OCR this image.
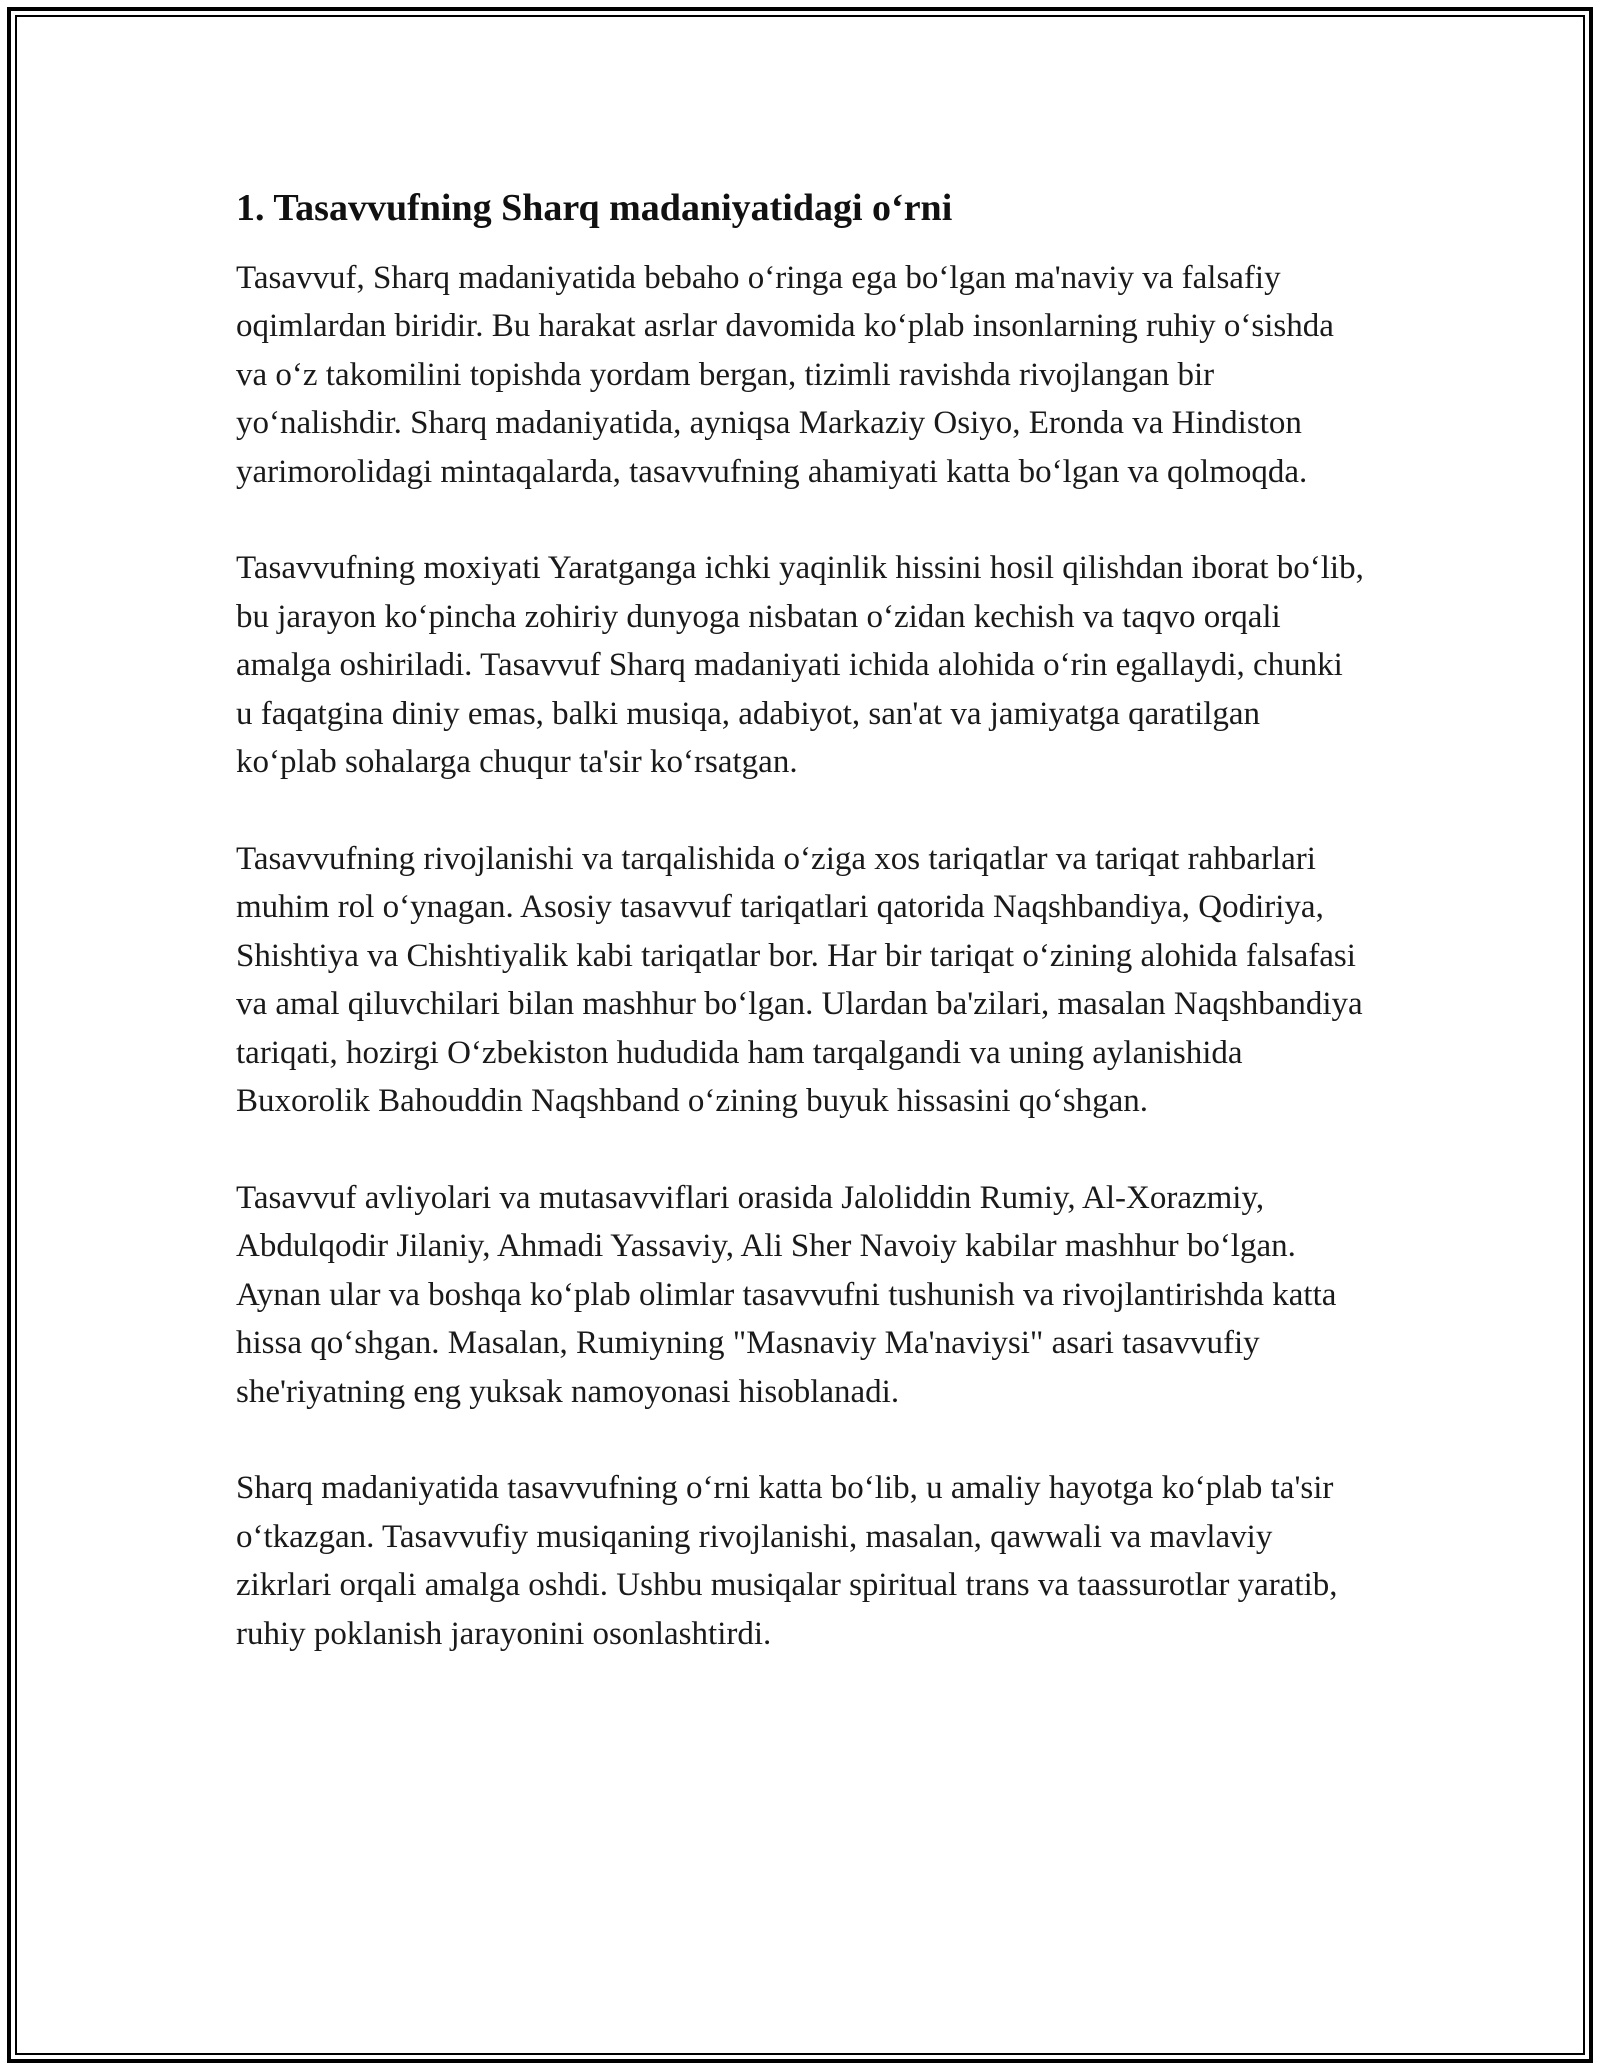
1. Tasavvufning Sharq madaniyatidagi o‘rni

Tasavvuf, Sharq madaniyatida bebaho o‘ringa ega bo‘lgan ma'naviy va falsafiy oqimlardan biridir. Bu harakat asrlar davomida ko‘plab insonlarning ruhiy o‘sishda va o‘z takomilini topishda yordam bergan, tizimli ravishda rivojlangan bir yo‘nalishdir. Sharq madaniyatida, ayniqsa Markaziy Osiyo, Eronda va Hindiston yarimorolidagi mintaqalarda, tasavvufning ahamiyati katta bo‘lgan va qolmoqda.

Tasavvufning moxiyati Yaratganga ichki yaqinlik hissini hosil qilishdan iborat bo‘lib, bu jarayon ko‘pincha zohiriy dunyoga nisbatan o‘zidan kechish va taqvo orqali amalga oshiriladi. Tasavvuf Sharq madaniyati ichida alohida o‘rin egallaydi, chunki u faqatgina diniy emas, balki musiqa, adabiyot, san'at va jamiyatga qaratilgan ko‘plab sohalarga chuqur ta'sir ko‘rsatgan.

Tasavvufning rivojlanishi va tarqalishida o‘ziga xos tariqatlar va tariqat rahbarlari muhim rol o‘ynagan. Asosiy tasavvuf tariqatlari qatorida Naqshbandiya, Qodiriya, Shishtiya va Chishtiyalik kabi tariqatlar bor. Har bir tariqat o‘zining alohida falsafasi va amal qiluvchilari bilan mashhur bo‘lgan. Ulardan ba'zilari, masalan Naqshbandiya tariqati, hozirgi O‘zbekiston hududida ham tarqalgandi va uning aylanishida Buxorolik Bahouddin Naqshband o‘zining buyuk hissasini qo‘shgan.

Tasavvuf avliyolari va mutasavviflari orasida Jaloliddin Rumiy, Al-Xorazmiy, Abdulqodir Jilaniy, Ahmadi Yassaviy, Ali Sher Navoiy kabilar mashhur bo‘lgan. Aynan ular va boshqa ko‘plab olimlar tasavvufni tushunish va rivojlantirishda katta hissa qo‘shgan. Masalan, Rumiyning "Masnaviy Ma'naviysi" asari tasavvufiy she'riyatning eng yuksak namoyonasi hisoblanadi.

Sharq madaniyatida tasavvufning o‘rni katta bo‘lib, u amaliy hayotga ko‘plab ta'sir o‘tkazgan. Tasavvufiy musiqaning rivojlanishi, masalan, qawwali va mavlaviy zikrlari orqali amalga oshdi. Ushbu musiqalar spiritual trans va taassurotlar yaratib, ruhiy poklanish jarayonini osonlashtirdi.
